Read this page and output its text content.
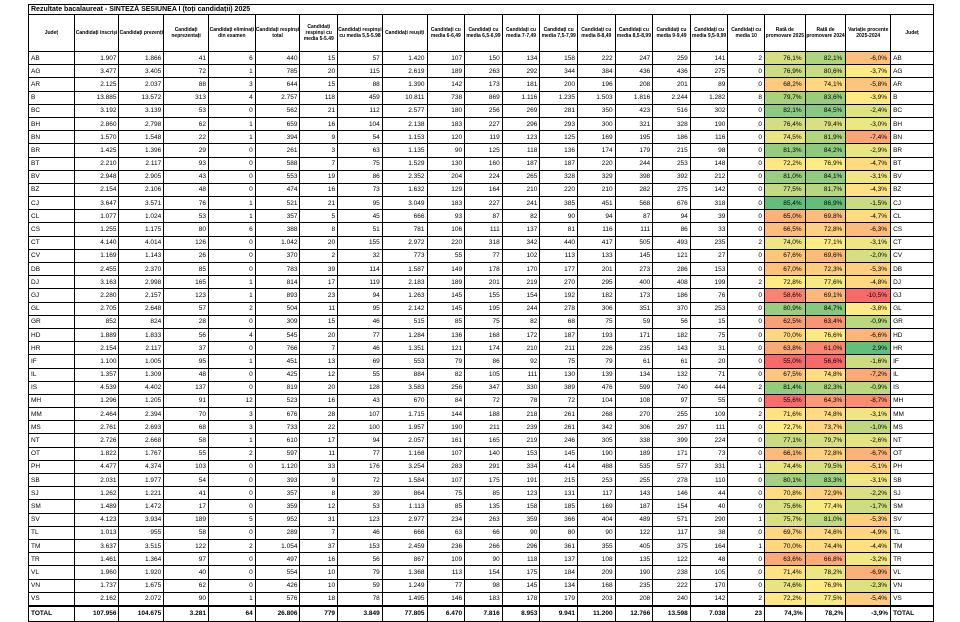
Rezultate bacalaureat - SINTEZĂ SESIUNEA I (toți candidații) 2025
Județ	Candidați înscriși	Candidați prezenți	Candidați neprezentați	Candidați eliminați din examen	Candidați respinși total	Candidați respinși cu media 5-5.49	Candidați respinși cu media 5,5-5.98	Candidați reușiți	Candidați cu media 6-6,49	Candidați cu media 6,5-6,99	Candidați cu media 7-7,49	Candidați cu media 7,5-7,99	Candidați cu media 8-8,49	Candidați cu media 8,5-8,99	Candidați cu media 9-9,49	Candidați cu media 9,5-9,99	Candidați cu media 10	Rată de promovare 2025	Rată de promovare 2024	Variație procente 2025-2024	Județ
AB	1.907	1.866	41	6	440	15	57	1.420	107	150	134	158	222	247	259	141	2	76,1%	82,1%	-6,0%	AB
AG	3.477	3.405	72	1	785	20	115	2.619	189	263	292	344	384	436	436	275	0	76,9%	80,6%	-3,7%	AG
AR	2.125	2.037	88	3	644	15	88	1.390	142	173	181	200	196	208	201	89	0	68,2%	74,1%	-5,8%	AR
B	13.885	13.572	313	4	2.757	118	459	10.811	738	869	1.116	1.235	1.503	1.816	2.244	1.282	8	79,7%	83,6%	-3,9%	B
BC	3.192	3.139	53	0	562	21	112	2.577	180	256	269	281	350	423	516	302	0	82,1%	84,5%	-2,4%	BC
BH	2.860	2.798	62	1	659	16	104	2.138	183	227	296	293	300	321	328	190	0	76,4%	79,4%	-3,0%	BH
BN	1.570	1.548	22	1	394	9	54	1.153	120	119	123	125	169	195	186	116	0	74,5%	81,9%	-7,4%	BN
BR	1.425	1.396	29	0	261	3	63	1.135	90	125	118	136	174	179	215	98	0	81,3%	84,2%	-2,9%	BR
BT	2.210	2.117	93	0	588	7	75	1.529	130	160	187	187	220	244	253	148	0	72,2%	76,9%	-4,7%	BT
BV	2.948	2.905	43	0	553	19	86	2.352	204	224	265	328	329	398	392	212	0	81,0%	84,1%	-3,1%	BV
BZ	2.154	2.106	48	0	474	16	73	1.632	129	164	210	220	210	282	275	142	0	77,5%	81,7%	-4,3%	BZ
CJ	3.647	3.571	76	1	521	21	95	3.049	183	227	241	385	451	568	676	318	0	85,4%	86,9%	-1,5%	CJ
CL	1.077	1.024	53	1	357	5	45	666	93	87	82	90	94	87	94	39	0	65,0%	69,8%	-4,7%	CL
CS	1.255	1.175	80	6	388	8	51	781	106	111	137	81	116	111	86	33	0	66,5%	72,8%	-6,3%	CS
CT	4.140	4.014	126	0	1.042	20	155	2.972	220	318	342	440	417	505	493	235	2	74,0%	77,1%	-3,1%	CT
CV	1.169	1.143	26	0	370	2	32	773	55	77	102	113	133	145	121	27	0	67,6%	69,6%	-2,0%	CV
DB	2.455	2.370	85	0	783	39	114	1.587	149	178	170	177	201	273	286	153	0	67,0%	72,3%	-5,3%	DB
DJ	3.163	2.998	165	1	814	17	119	2.183	189	201	219	270	295	400	408	199	2	72,8%	77,6%	-4,8%	DJ
GJ	2.280	2.157	123	1	893	23	94	1.263	145	155	154	192	182	173	186	76	0	58,6%	69,1%	-10,5%	GJ
GL	2.705	2.648	57	2	504	11	95	2.142	145	195	244	278	306	351	370	253	0	80,9%	84,7%	-3,8%	GL
GR	852	824	28	0	309	15	46	515	85	75	82	68	75	59	56	15	0	62,5%	63,4%	-0,9%	GR
HD	1.889	1.833	56	4	545	20	77	1.284	136	168	172	187	193	171	182	75	0	70,0%	76,6%	-6,6%	HD
HR	2.154	2.117	37	0	766	7	46	1.351	121	174	210	211	226	235	143	31	0	63,8%	61,0%	2,9%	HR
IF	1.100	1.005	95	1	451	13	69	553	79	86	92	75	79	61	61	20	0	55,0%	56,6%	-1,6%	IF
IL	1.357	1.309	48	0	425	12	55	884	82	105	111	130	139	134	132	71	0	67,5%	74,8%	-7,2%	IL
IS	4.539	4.402	137	0	819	20	128	3.583	256	347	330	389	476	599	740	444	2	81,4%	82,3%	-0,9%	IS
MH	1.296	1.205	91	12	523	16	43	670	84	72	78	72	104	108	97	55	0	55,6%	64,3%	-8,7%	MH
MM	2.464	2.394	70	3	676	28	107	1.715	144	188	218	261	268	270	255	109	2	71,6%	74,8%	-3,1%	MM
MS	2.761	2.693	68	3	733	22	100	1.957	190	211	239	261	342	306	297	111	0	72,7%	73,7%	-1,0%	MS
NT	2.726	2.668	58	1	610	17	94	2.057	161	165	219	246	305	338	399	224	0	77,1%	79,7%	-2,6%	NT
OT	1.822	1.767	55	2	597	11	77	1.168	107	140	153	145	190	189	171	73	0	66,1%	72,8%	-6,7%	OT
PH	4.477	4.374	103	0	1.120	33	176	3.254	283	291	334	414	488	535	577	331	1	74,4%	79,5%	-5,1%	PH
SB	2.031	1.977	54	0	393	9	72	1.584	107	175	191	215	253	255	278	110	0	80,1%	83,3%	-3,1%	SB
SJ	1.262	1.221	41	0	357	8	39	864	75	85	123	131	117	143	146	44	0	70,8%	72,9%	-2,2%	SJ
SM	1.489	1.472	17	0	359	12	53	1.113	85	135	158	185	169	187	154	40	0	75,6%	77,4%	-1,7%	SM
SV	4.123	3.934	189	5	952	31	123	2.977	234	263	359	366	404	489	571	290	1	75,7%	81,0%	-5,3%	SV
TL	1.013	955	58	0	289	7	46	666	63	66	90	80	90	122	117	38	0	69,7%	74,6%	-4,9%	TL
TM	3.637	3.515	122	2	1.054	37	153	2.459	236	266	296	361	355	405	375	164	1	70,0%	74,4%	-4,4%	TM
TR	1.461	1.364	97	0	497	16	56	867	109	90	118	137	108	135	122	48	0	63,6%	66,8%	-3,2%	TR
VL	1.960	1.920	40	0	554	10	79	1.368	113	154	175	184	209	190	238	105	0	71,4%	78,2%	-6,9%	VL
VN	1.737	1.675	62	0	426	10	59	1.249	77	98	145	134	168	235	222	170	0	74,6%	76,9%	-2,3%	VN
VS	2.162	2.072	90	1	576	18	78	1.495	146	183	178	179	203	208	240	142	2	72,2%	77,5%	-5,4%	VS
TOTAL	107.956	104.675	3.281	64	26.806	779	3.849	77.805	6.470	7.816	8.953	9.941	11.200	12.766	13.598	7.038	23	74,3%	78,2%	-3,9%	TOTAL
